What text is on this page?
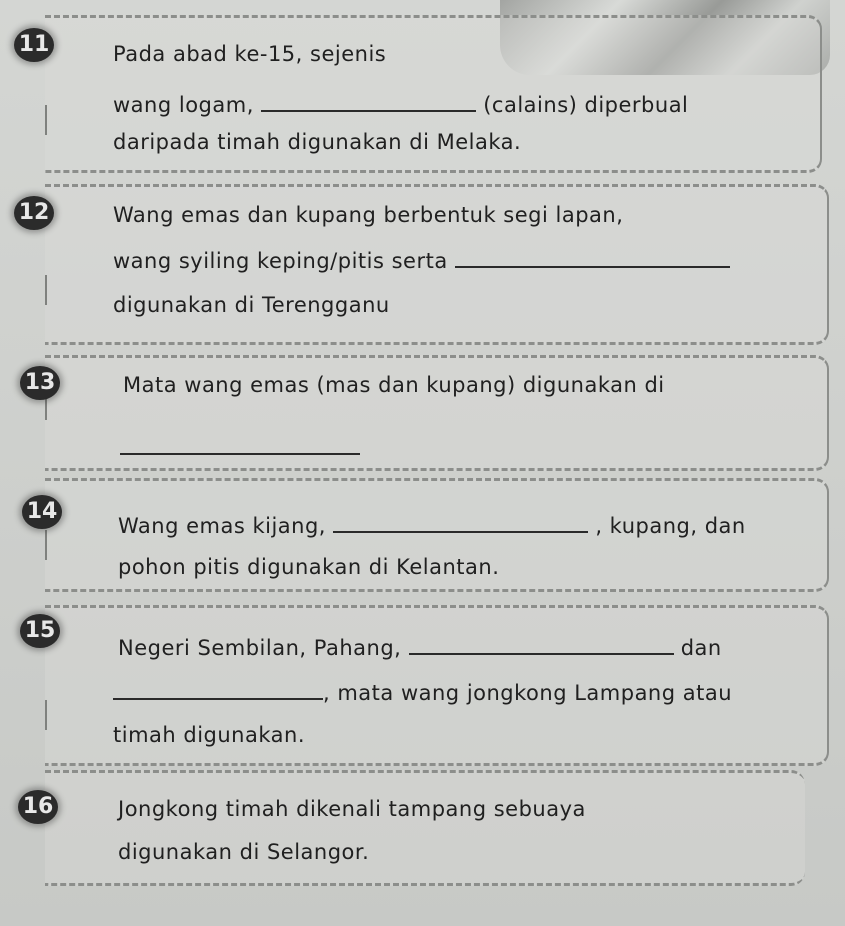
11	Pada abad ke-15, sejenis
wang logam,	(calains) diperbual
daripada timah digunakan di Melaka.
12	Wang emas dan kupang berbentuk segi lapan,
wang syiling keping/pitis serta
digunakan di Terengganu
13	Mata wang emas (mas dan kupang) digunakan di
14
Wang emas kijang,	, kupang, dan
pohon pitis digunakan di Kelantan.
15
Negeri Sembilan, Pahang,	dan
, mata wang jongkong Lampang atau
timah digunakan.
16	Jongkong timah dikenali tampang sebuaya
digunakan di Selangor.
